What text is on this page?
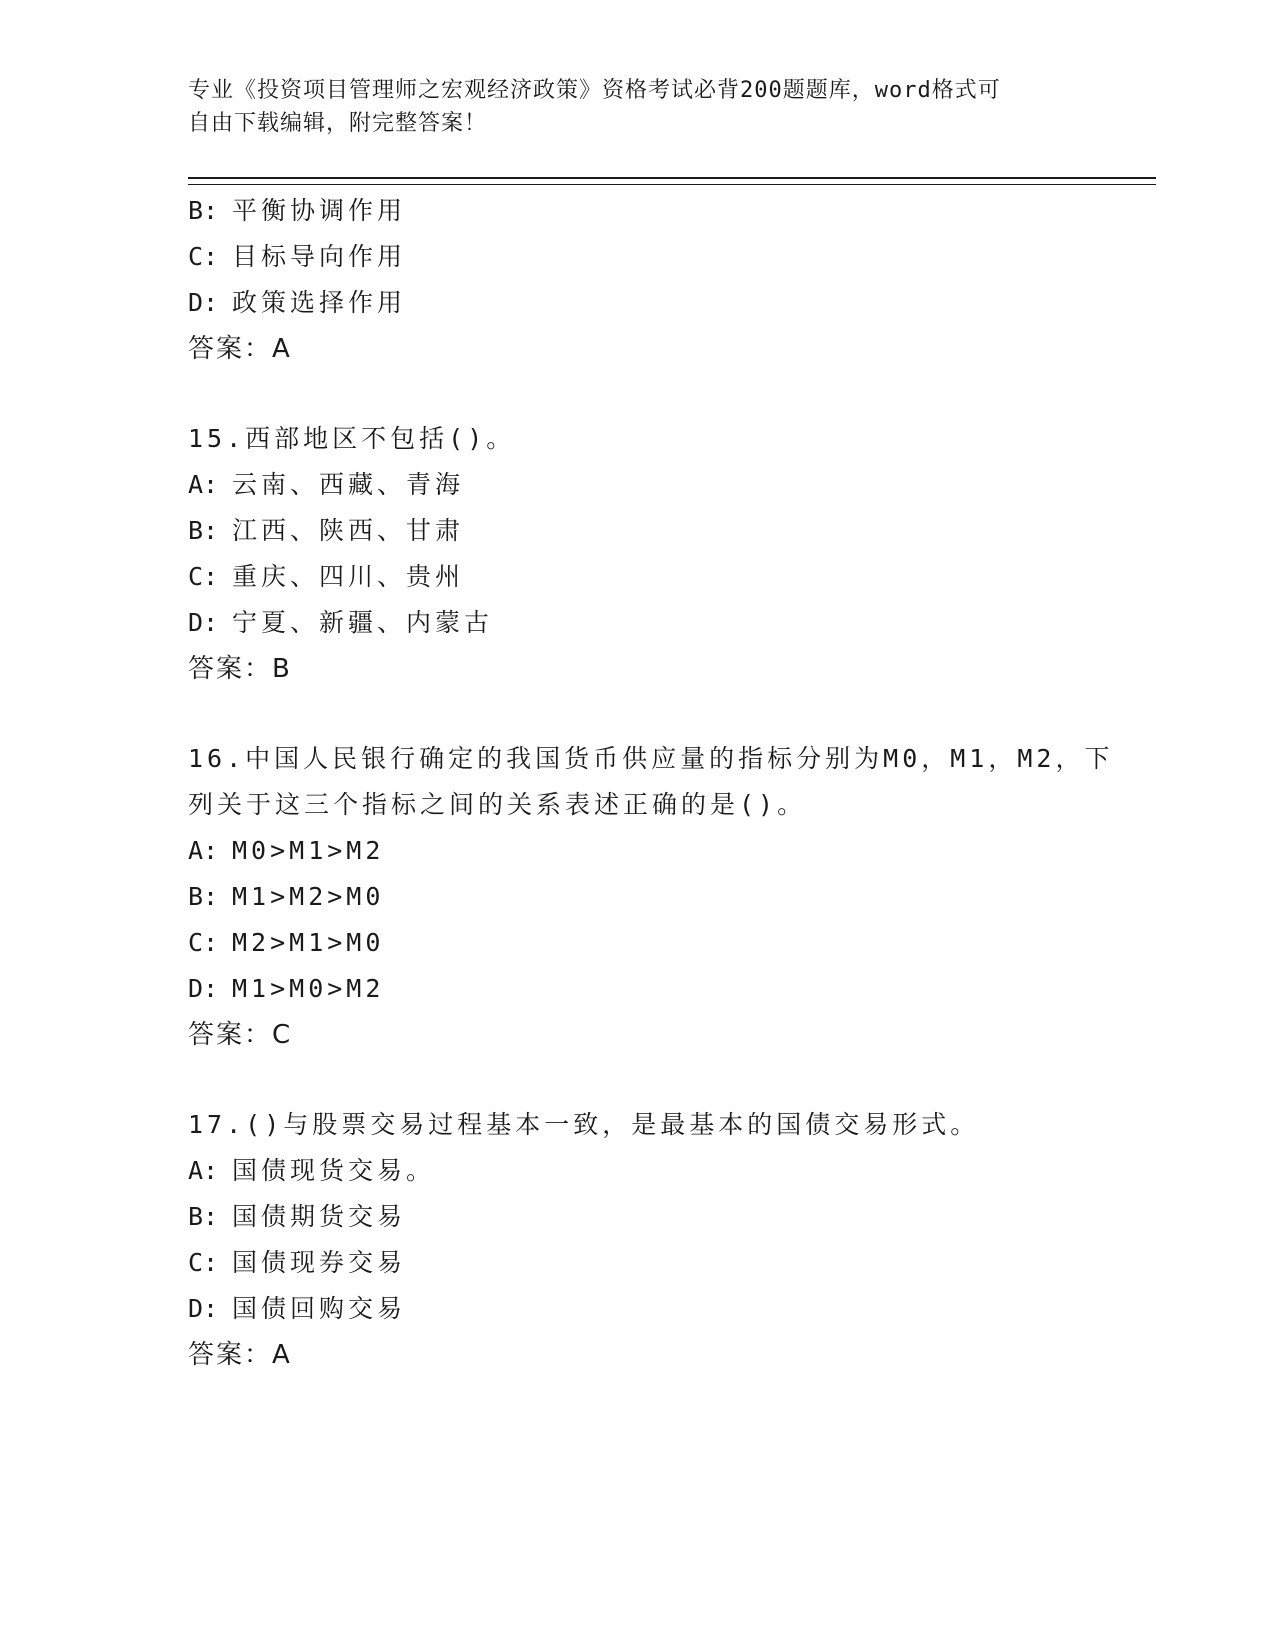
专业《投资项目管理师之宏观经济政策》资格考试必背200题题库，word格式可
自由下载编辑，附完整答案！
B: 平衡协调作用
C: 目标导向作用
D: 政策选择作用
答案：A
15.西部地区不包括()。
A: 云南、西藏、青海
B: 江西、陕西、甘肃
C: 重庆、四川、贵州
D: 宁夏、新疆、内蒙古
答案：B
16.中国人民银行确定的我国货币供应量的指标分别为M0，M1，M2，下列关于这三个指标之间的关系表述正确的是()。
A: M0>M1>M2
B: M1>M2>M0
C: M2>M1>M0
D: M1>M0>M2
答案：C
17.()与股票交易过程基本一致，是最基本的国债交易形式。
A: 国债现货交易。
B: 国债期货交易
C: 国债现券交易
D: 国债回购交易
答案：A
